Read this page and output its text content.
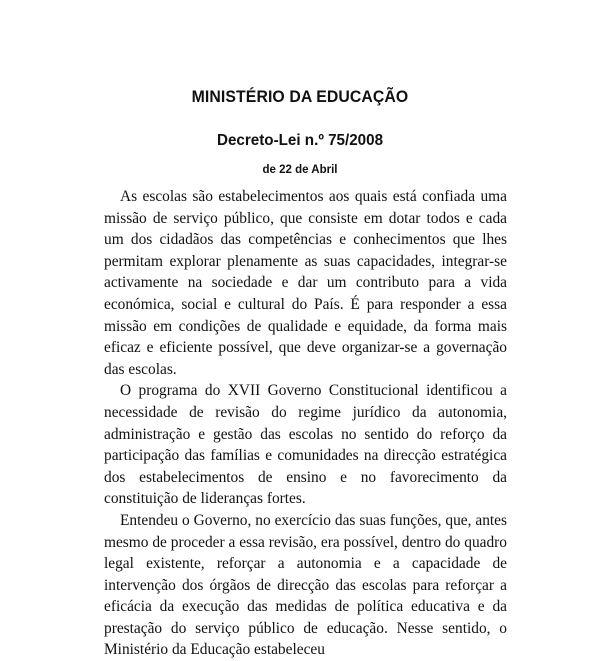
MINISTÉRIO DA EDUCAÇÃO
Decreto-Lei n.º 75/2008
de 22 de Abril

As escolas são estabelecimentos aos quais está confiada uma missão de serviço público, que consiste em dotar todos e cada um dos cidadãos das competências e conhecimentos que lhes permitam explorar plenamente as suas capacidades, integrar-se activamente na sociedade e dar um contributo para a vida económica, social e cultural do País. É para responder a essa missão em condições de qualidade e equidade, da forma mais eficaz e eficiente possível, que deve organizar-se a governação das escolas.

O programa do XVII Governo Constitucional identificou a necessidade de revisão do regime jurídico da autonomia, administração e gestão das escolas no sentido do reforço da participação das famílias e comunidades na direcção estratégica dos estabelecimentos de ensino e no favorecimento da constituição de lideranças fortes.

Entendeu o Governo, no exercício das suas funções, que, antes mesmo de proceder a essa revisão, era possível, dentro do quadro legal existente, reforçar a autonomia e a capacidade de intervenção dos órgãos de direcção das escolas para reforçar a eficácia da execução das medidas de política educativa e da prestação do serviço público de educação. Nesse sentido, o Ministério da Educação estabeleceu
